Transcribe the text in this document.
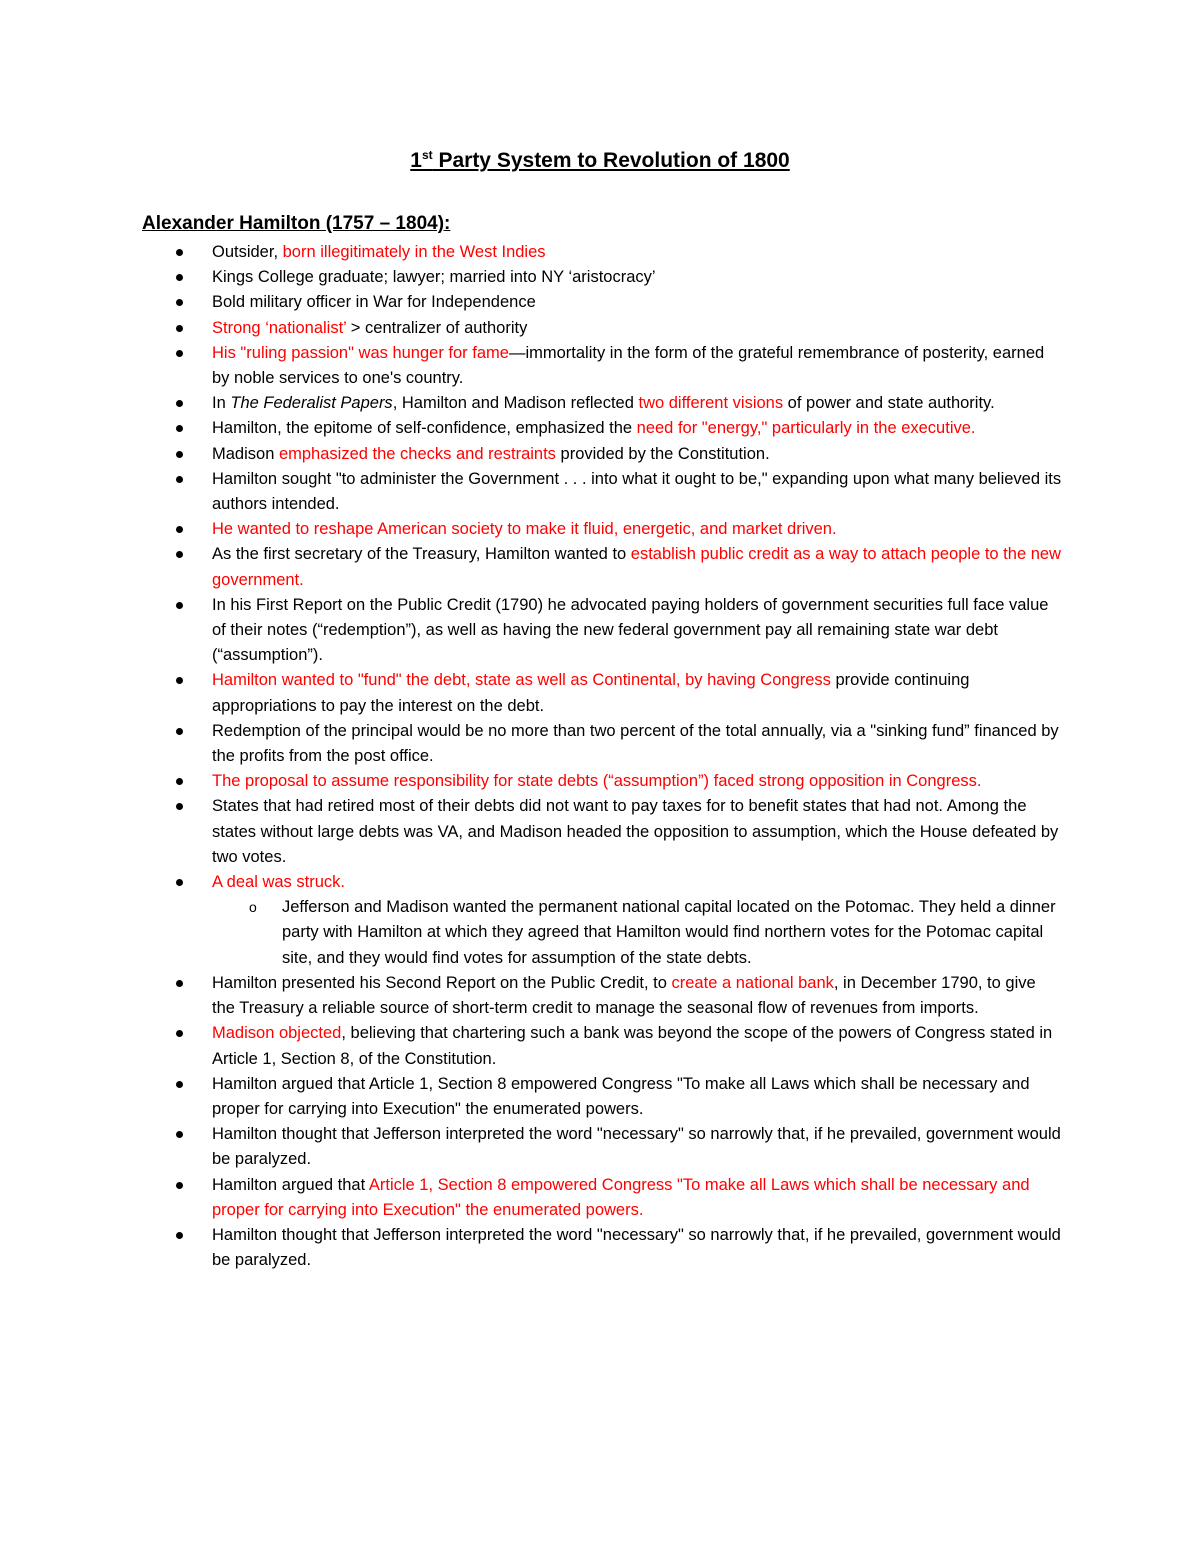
1st Party System to Revolution of 1800
Alexander Hamilton (1757 – 1804):
Outsider, born illegitimately in the West Indies
Kings College graduate; lawyer; married into NY ‘aristocracy’
Bold military officer in War for Independence
Strong ‘nationalist’ > centralizer of authority
His "ruling passion" was hunger for fame—immortality in the form of the grateful remembrance of posterity, earned by noble services to one's country.
In The Federalist Papers, Hamilton and Madison reflected two different visions of power and state authority.
Hamilton, the epitome of self-confidence, emphasized the need for "energy," particularly in the executive.
Madison emphasized the checks and restraints provided by the Constitution.
Hamilton sought "to administer the Government . . . into what it ought to be," expanding upon what many believed its authors intended.
He wanted to reshape American society to make it fluid, energetic, and market driven.
As the first secretary of the Treasury, Hamilton wanted to establish public credit as a way to attach people to the new government.
In his First Report on the Public Credit (1790) he advocated paying holders of government securities full face value of their notes (“redemption”), as well as having the new federal government pay all remaining state war debt (“assumption”).
Hamilton wanted to "fund" the debt, state as well as Continental, by having Congress provide continuing appropriations to pay the interest on the debt.
Redemption of the principal would be no more than two percent of the total annually, via a "sinking fund” financed by the profits from the post office.
The proposal to assume responsibility for state debts (“assumption”) faced strong opposition in Congress.
States that had retired most of their debts did not want to pay taxes for to benefit states that had not. Among the states without large debts was VA, and Madison headed the opposition to assumption, which the House defeated by two votes.
A deal was struck.
o Jefferson and Madison wanted the permanent national capital located on the Potomac. They held a dinner party with Hamilton at which they agreed that Hamilton would find northern votes for the Potomac capital site, and they would find votes for assumption of the state debts.
Hamilton presented his Second Report on the Public Credit, to create a national bank, in December 1790, to give the Treasury a reliable source of short-term credit to manage the seasonal flow of revenues from imports.
Madison objected, believing that chartering such a bank was beyond the scope of the powers of Congress stated in Article 1, Section 8, of the Constitution.
Hamilton argued that Article 1, Section 8 empowered Congress "To make all Laws which shall be necessary and proper for carrying into Execution" the enumerated powers.
Hamilton thought that Jefferson interpreted the word "necessary" so narrowly that, if he prevailed, government would be paralyzed.
Hamilton argued that Article 1, Section 8 empowered Congress "To make all Laws which shall be necessary and proper for carrying into Execution" the enumerated powers.
Hamilton thought that Jefferson interpreted the word "necessary" so narrowly that, if he prevailed, government would be paralyzed.
